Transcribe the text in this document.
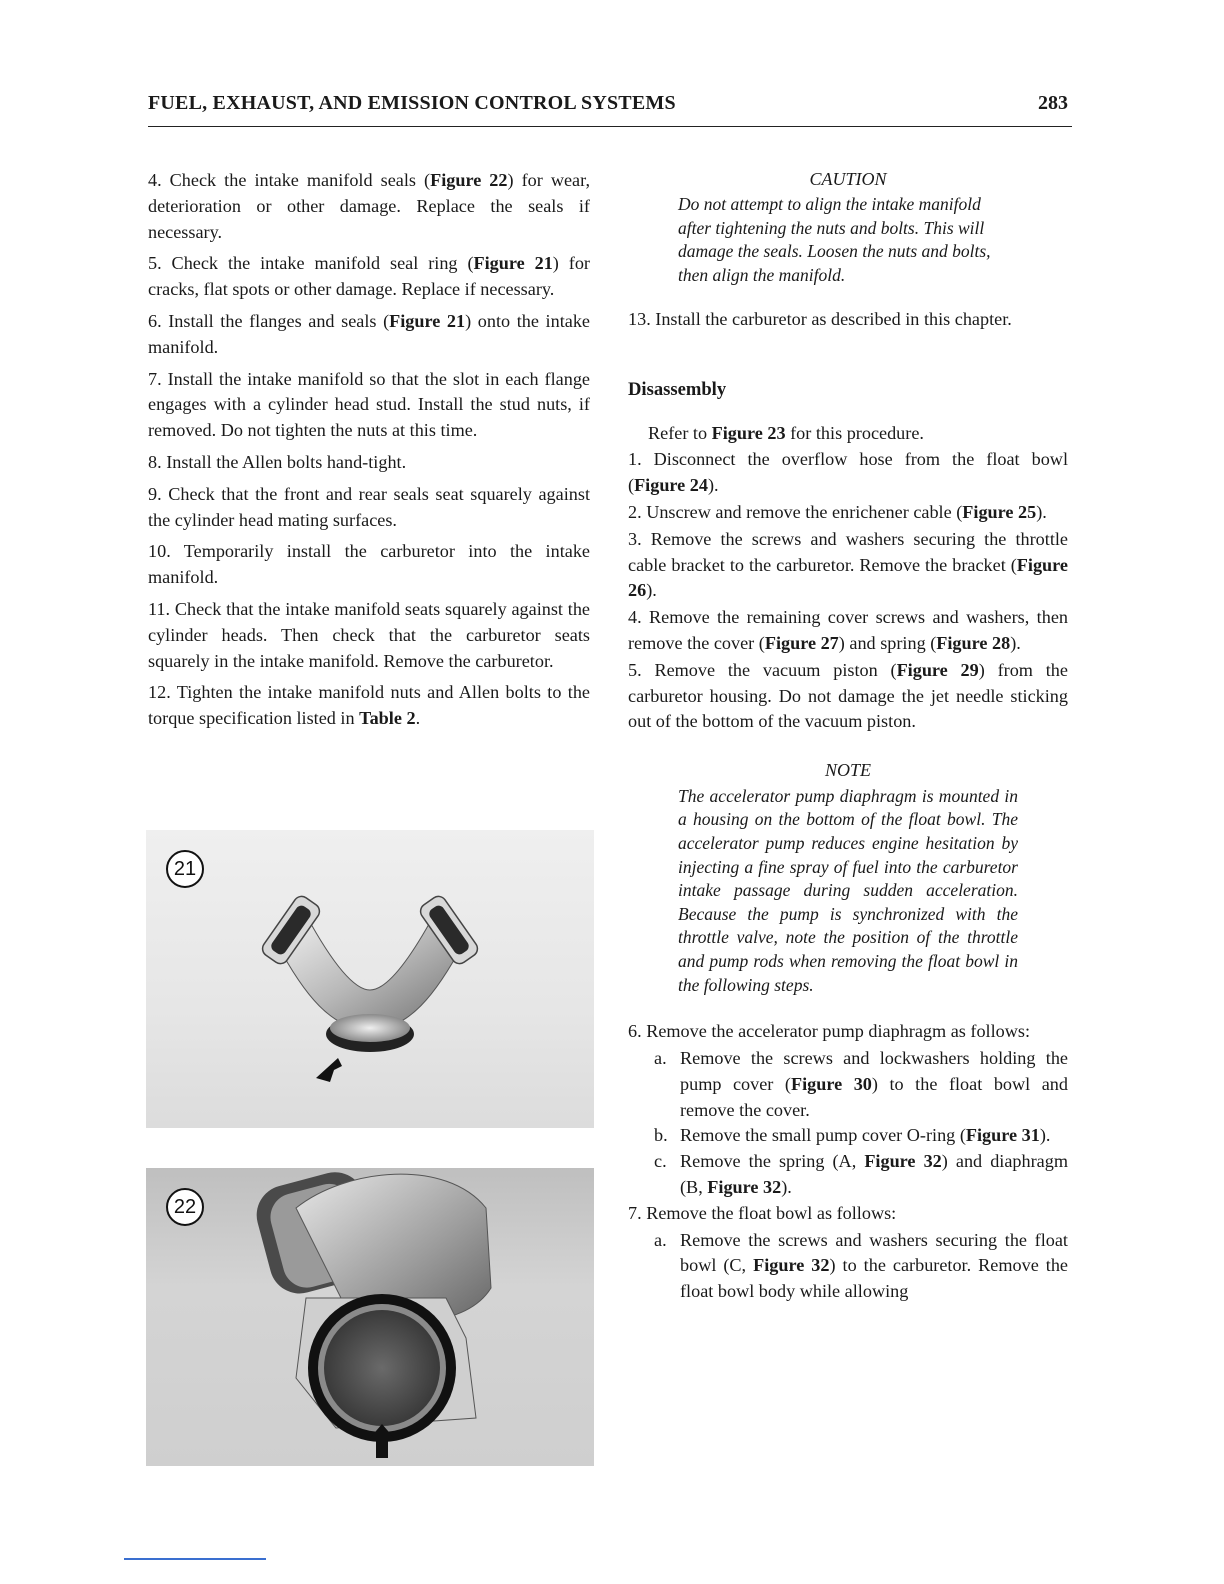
FUEL, EXHAUST, AND EMISSION CONTROL SYSTEMS	283

4. Check the intake manifold seals (Figure 22) for wear, deterioration or other damage. Replace the seals if necessary.

5. Check the intake manifold seal ring (Figure 21) for cracks, flat spots or other damage. Replace if necessary.

6. Install the flanges and seals (Figure 21) onto the intake manifold.

7. Install the intake manifold so that the slot in each flange engages with a cylinder head stud. Install the stud nuts, if removed. Do not tighten the nuts at this time.

8. Install the Allen bolts hand-tight.

9. Check that the front and rear seals seat squarely against the cylinder head mating surfaces.

10. Temporarily install the carburetor into the intake manifold.

11. Check that the intake manifold seats squarely against the cylinder heads. Then check that the carburetor seats squarely in the intake manifold. Remove the carburetor.

12. Tighten the intake manifold nuts and Allen bolts to the torque specification listed in Table 2.

CAUTION

Do not attempt to align the intake manifold after tightening the nuts and bolts. This will damage the seals. Loosen the nuts and bolts, then align the manifold.

13. Install the carburetor as described in this chapter.

Disassembly

Refer to Figure 23 for this procedure.

1. Disconnect the overflow hose from the float bowl (Figure 24).

2. Unscrew and remove the enrichener cable (Figure 25).

3. Remove the screws and washers securing the throttle cable bracket to the carburetor. Remove the bracket (Figure 26).

4. Remove the remaining cover screws and washers, then remove the cover (Figure 27) and spring (Figure 28).

5. Remove the vacuum piston (Figure 29) from the carburetor housing. Do not damage the jet needle sticking out of the bottom of the vacuum piston.

NOTE

The accelerator pump diaphragm is mounted in a housing on the bottom of the float bowl. The accelerator pump reduces engine hesitation by injecting a fine spray of fuel into the carburetor intake passage during sudden acceleration. Because the pump is synchronized with the throttle valve, note the position of the throttle and pump rods when removing the float bowl in the following steps.

6. Remove the accelerator pump diaphragm as follows:

a. Remove the screws and lockwashers holding the pump cover (Figure 30) to the float bowl and remove the cover.

b. Remove the small pump cover O-ring (Figure 31).

c. Remove the spring (A, Figure 32) and diaphragm (B, Figure 32).

7. Remove the float bowl as follows:

a. Remove the screws and washers securing the float bowl (C, Figure 32) to the carburetor. Remove the float bowl body while allowing

21
22
